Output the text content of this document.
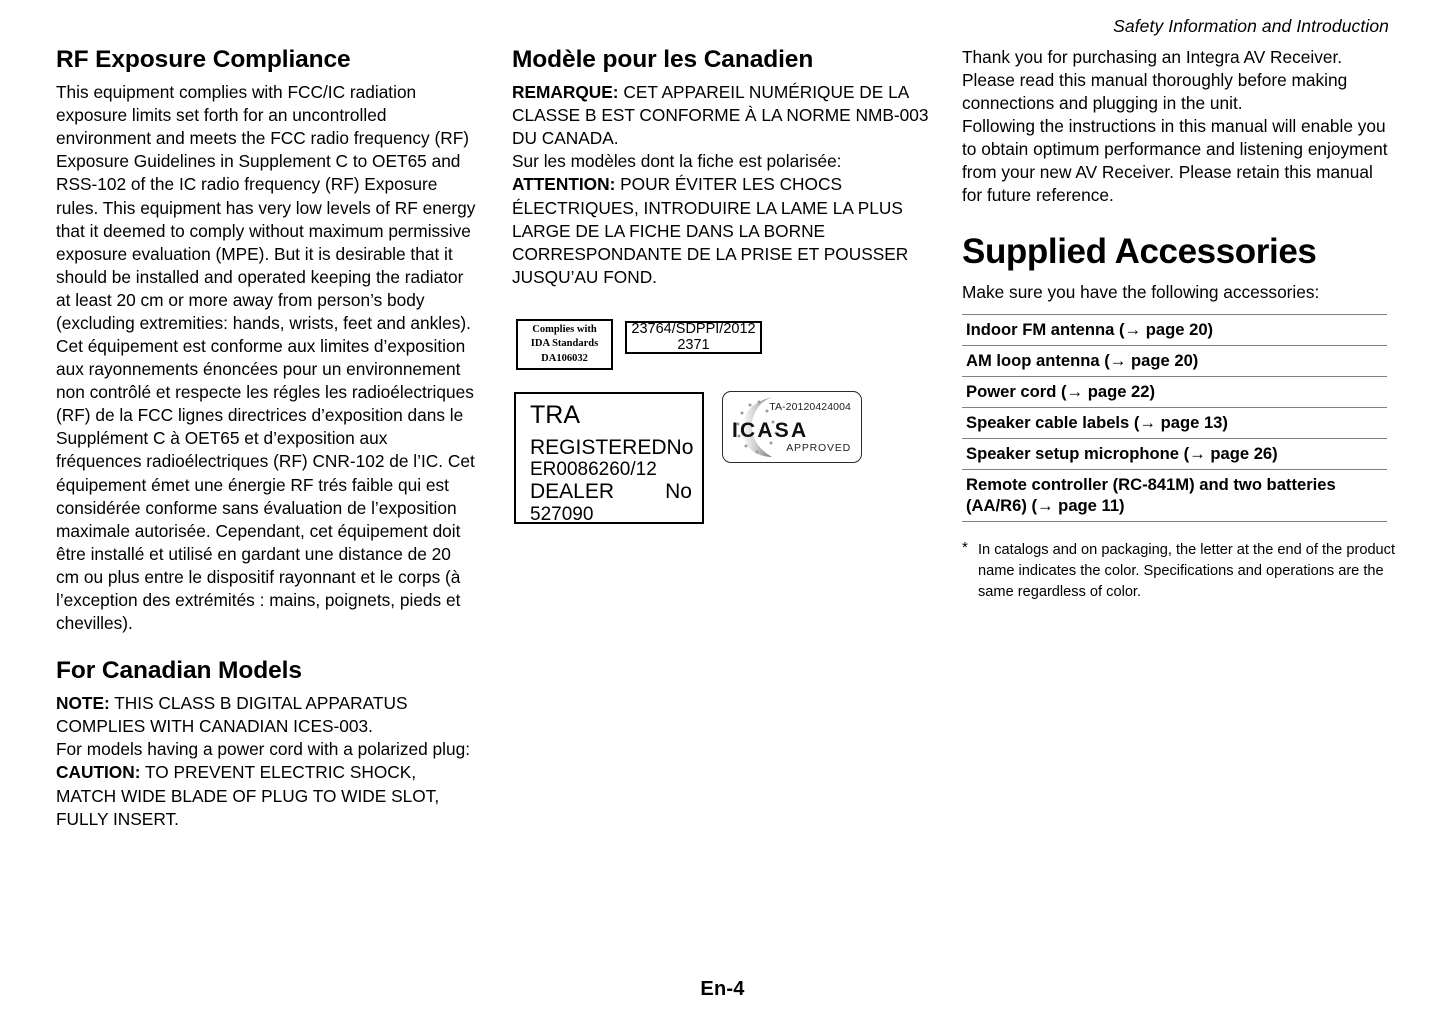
Safety Information and Introduction
RF Exposure Compliance

This equipment complies with FCC/IC radiation exposure limits set forth for an uncontrolled environment and meets the FCC radio frequency (RF) Exposure Guidelines in Supplement C to OET65 and RSS-102 of the IC radio frequency (RF) Exposure rules. This equipment has very low levels of RF energy that it deemed to comply without maximum permissive exposure evaluation (MPE). But it is desirable that it should be installed and operated keeping the radiator at least 20 cm or more away from person’s body (excluding extremities: hands, wrists, feet and ankles).

Cet équipement est conforme aux limites d’exposition aux rayonnements énoncées pour un environnement non contrôlé et respecte les régles les radioélectriques (RF) de la FCC lignes directrices d’exposition dans le Supplément C à OET65 et d’exposition aux fréquences radioélectriques (RF) CNR-102 de l’IC. Cet équipement émet une énergie RF trés faible qui est considérée conforme sans évaluation de l’exposition maximale autorisée. Cependant, cet équipement doit être installé et utilisé en gardant une distance de 20 cm ou plus entre le dispositif rayonnant et le corps (à l’exception des extrémités : mains, poignets, pieds et chevilles).

For Canadian Models

NOTE: THIS CLASS B DIGITAL APPARATUS COMPLIES WITH CANADIAN ICES-003.

For models having a power cord with a polarized plug:

CAUTION: TO PREVENT ELECTRIC SHOCK, MATCH WIDE BLADE OF PLUG TO WIDE SLOT, FULLY INSERT.

Modèle pour les Canadien

REMARQUE: CET APPAREIL NUMÉRIQUE DE LA CLASSE B EST CONFORME À LA NORME NMB-003 DU CANADA.

Sur les modèles dont la fiche est polarisée:

ATTENTION: POUR ÉVITER LES CHOCS ÉLECTRIQUES, INTRODUIRE LA LAME LA PLUS LARGE DE LA FICHE DANS LA BORNE CORRESPONDANTE DE LA PRISE ET POUSSER JUSQU’AU FOND.

Complies with
IDA Standards
DA106032
23764/SDPPI/2012
2371
TRA
REGISTERED No
ER0086260/12
DEALER No
527090
TA-20120424004
ICASA
APPROVED

Thank you for purchasing an Integra AV Receiver. Please read this manual thoroughly before making connections and plugging in the unit.

Following the instructions in this manual will enable you to obtain optimum performance and listening enjoyment from your new AV Receiver. Please retain this manual for future reference.

Supplied Accessories

Make sure you have the following accessories:

Indoor FM antenna (→ page 20)
AM loop antenna (→ page 20)
Power cord (→ page 22)
Speaker cable labels (→ page 13)
Speaker setup microphone (→ page 26)
Remote controller (RC-841M) and two batteries (AA/R6) (→ page 11)
* In catalogs and on packaging, the letter at the end of the product name indicates the color. Specifications and operations are the same regardless of color.
En-4
